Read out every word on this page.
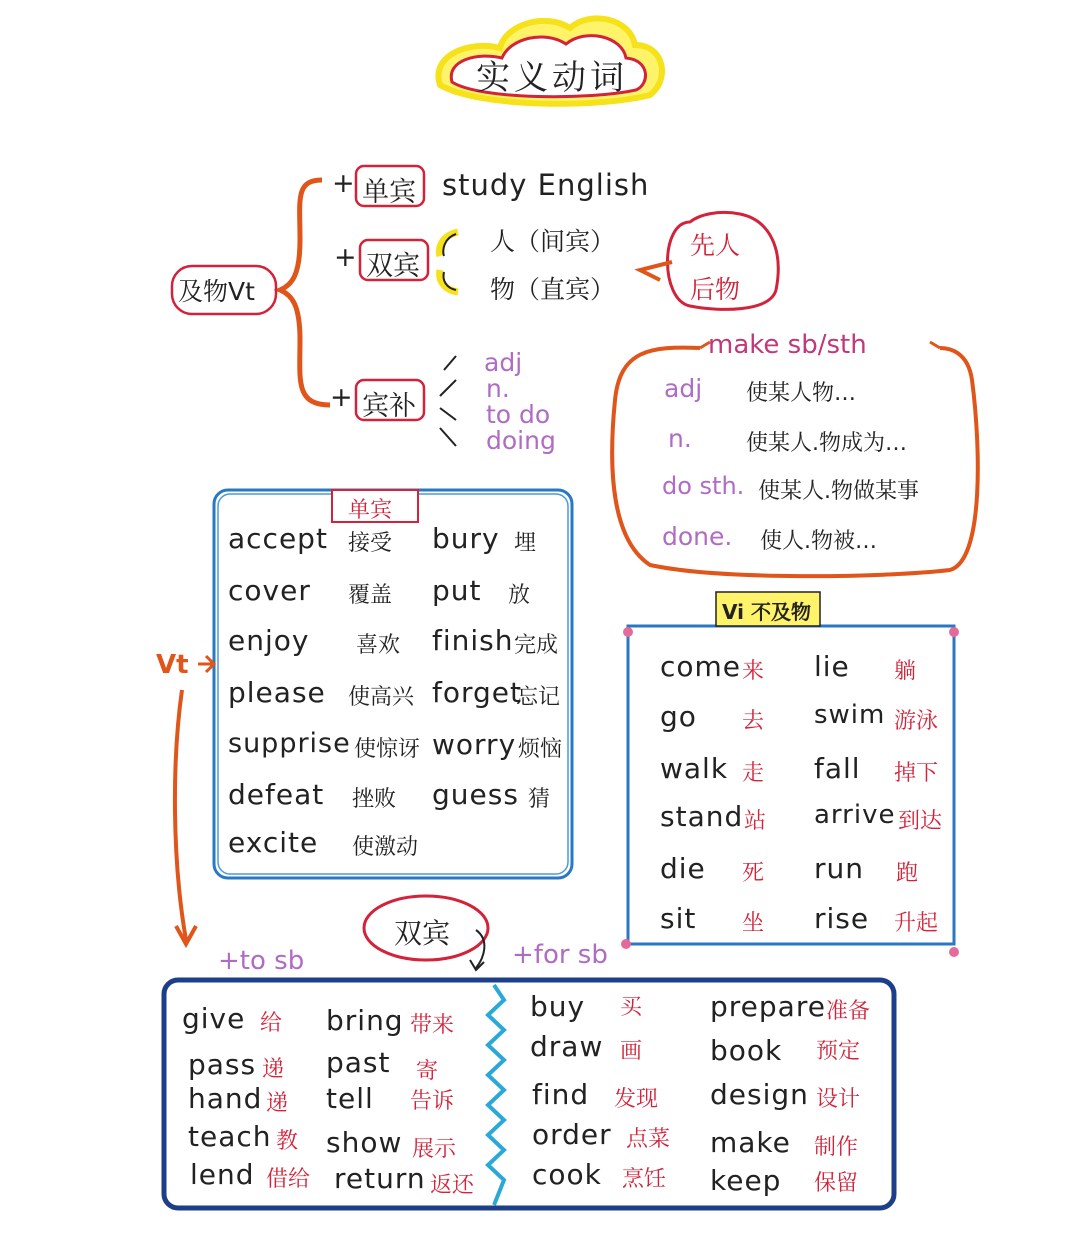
实义动词
及物Vt
+ 单宾 study English
+ 双宾
人（间宾）
物（直宾）
先人
后物
+ 宾补
adj
n.
to do
doing
make sb/sth
adj 使某人物…
n. 使某人.物成为…
do sth. 使某人.物做某事
done. 使人.物被…
单宾
Vt
accept 接受 bury 埋
cover 覆盖 put 放
enjoy 喜欢 finish 完成
please 使高兴 forget
忘记
supprise 使惊讶 worry 烦恼
defeat 挫败 guess 猜
excite 使激动
Vi 不及物
come 来 lie 躺
go 去 swim 游泳
walk 走 fall 掉下
stand 站 arrive 到达
die 死 run 跑
sit 坐 rise 升起
双宾
+to sb	+for sb
give 给 bring 带来
pass 递 past 寄
hand 递 tell 告诉
teach 教 show 展示
lend 借给 return 返还
buy 买 prepare 准备
draw 画 book 预定
find 发现 design 设计
order 点菜 make 制作
cook 烹饪 keep 保留
